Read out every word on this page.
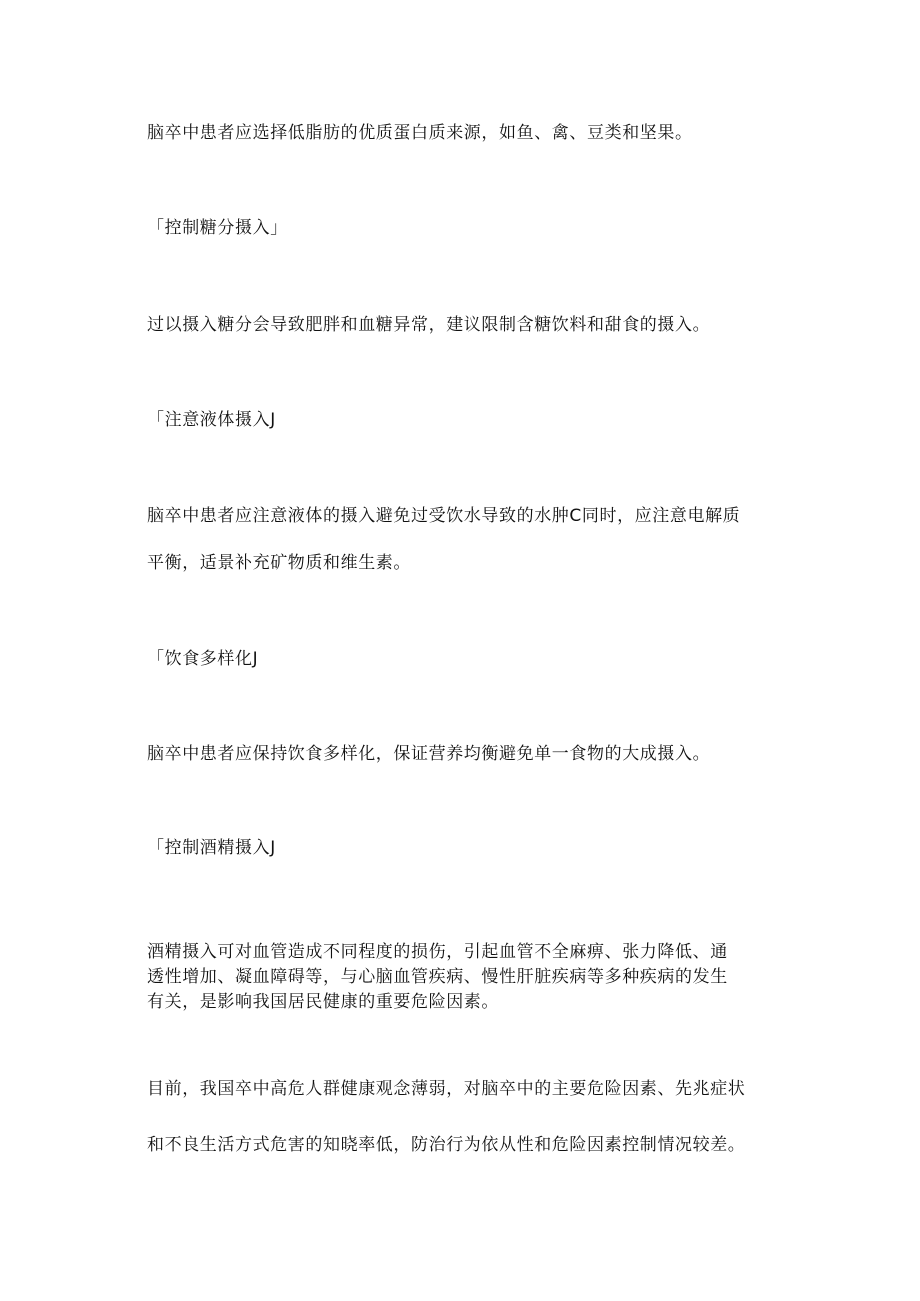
脑卒中患者应选择低脂肪的优质蛋白质来源，如鱼、禽、豆类和坚果。
「控制糖分摄入」
过以摄入糖分会导致肥胖和血糖异常，建议限制含糖饮料和甜食的摄入。
「注意液体摄入J
脑卒中患者应注意液体的摄入避免过受饮水导致的水肿C同时，应注意电解质
平衡，适景补充矿物质和维生素。
「饮食多样化J
脑卒中患者应保持饮食多样化，保证营养均衡避免单一食物的大成摄入。
「控制酒精摄入J
酒精摄入可对血管造成不同程度的损伤，引起血管不全麻痹、张力降低、通
透性增加、凝血障碍等，与心脑血管疾病、慢性肝脏疾病等多种疾病的发生
有关，是影响我国居民健康的重要危险因素。
目前，我国卒中高危人群健康观念薄弱，对脑卒中的主要危险因素、先兆症状
和不良生活方式危害的知晓率低，防治行为依从性和危险因素控制情况较差。
